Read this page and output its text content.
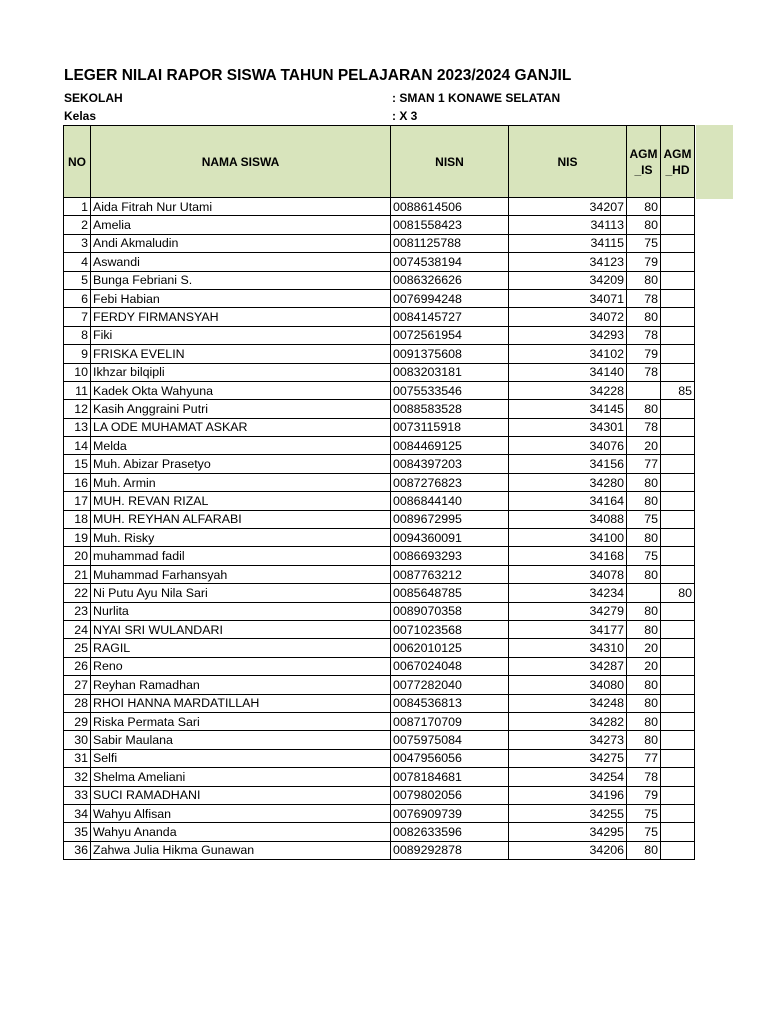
LEGER NILAI RAPOR SISWA TAHUN PELAJARAN 2023/2024 GANJIL
SEKOLAH	: SMAN 1 KONAWE SELATAN
Kelas	: X 3
NO	NAMA SISWA	NISN	NIS	AGM _IS	AGM _HD
1	Aida Fitrah Nur Utami	0088614506	34207	80	
2	Amelia	0081558423	34113	80	
3	Andi Akmaludin	0081125788	34115	75	
4	Aswandi	0074538194	34123	79	
5	Bunga Febriani S.	0086326626	34209	80	
6	Febi Habian	0076994248	34071	78	
7	FERDY FIRMANSYAH	0084145727	34072	80	
8	Fiki	0072561954	34293	78	
9	FRISKA EVELIN	0091375608	34102	79	
10	Ikhzar bilqipli	0083203181	34140	78	
11	Kadek Okta Wahyuna	0075533546	34228		85
12	Kasih Anggraini Putri	0088583528	34145	80	
13	LA ODE MUHAMAT ASKAR	0073115918	34301	78	
14	Melda	0084469125	34076	20	
15	Muh. Abizar Prasetyo	0084397203	34156	77	
16	Muh. Armin	0087276823	34280	80	
17	MUH. REVAN RIZAL	0086844140	34164	80	
18	MUH. REYHAN ALFARABI	0089672995	34088	75	
19	Muh. Risky	0094360091	34100	80	
20	muhammad fadil	0086693293	34168	75	
21	Muhammad Farhansyah	0087763212	34078	80	
22	Ni Putu Ayu Nila Sari	0085648785	34234		80
23	Nurlita	0089070358	34279	80	
24	NYAI SRI WULANDARI	0071023568	34177	80	
25	RAGIL	0062010125	34310	20	
26	Reno	0067024048	34287	20	
27	Reyhan Ramadhan	0077282040	34080	80	
28	RHOI HANNA MARDATILLAH	0084536813	34248	80	
29	Riska Permata Sari	0087170709	34282	80	
30	Sabir Maulana	0075975084	34273	80	
31	Selfi	0047956056	34275	77	
32	Shelma Ameliani	0078184681	34254	78	
33	SUCI RAMADHANI	0079802056	34196	79	
34	Wahyu Alfisan	0076909739	34255	75	
35	Wahyu Ananda	0082633596	34295	75	
36	Zahwa Julia Hikma Gunawan	0089292878	34206	80	
